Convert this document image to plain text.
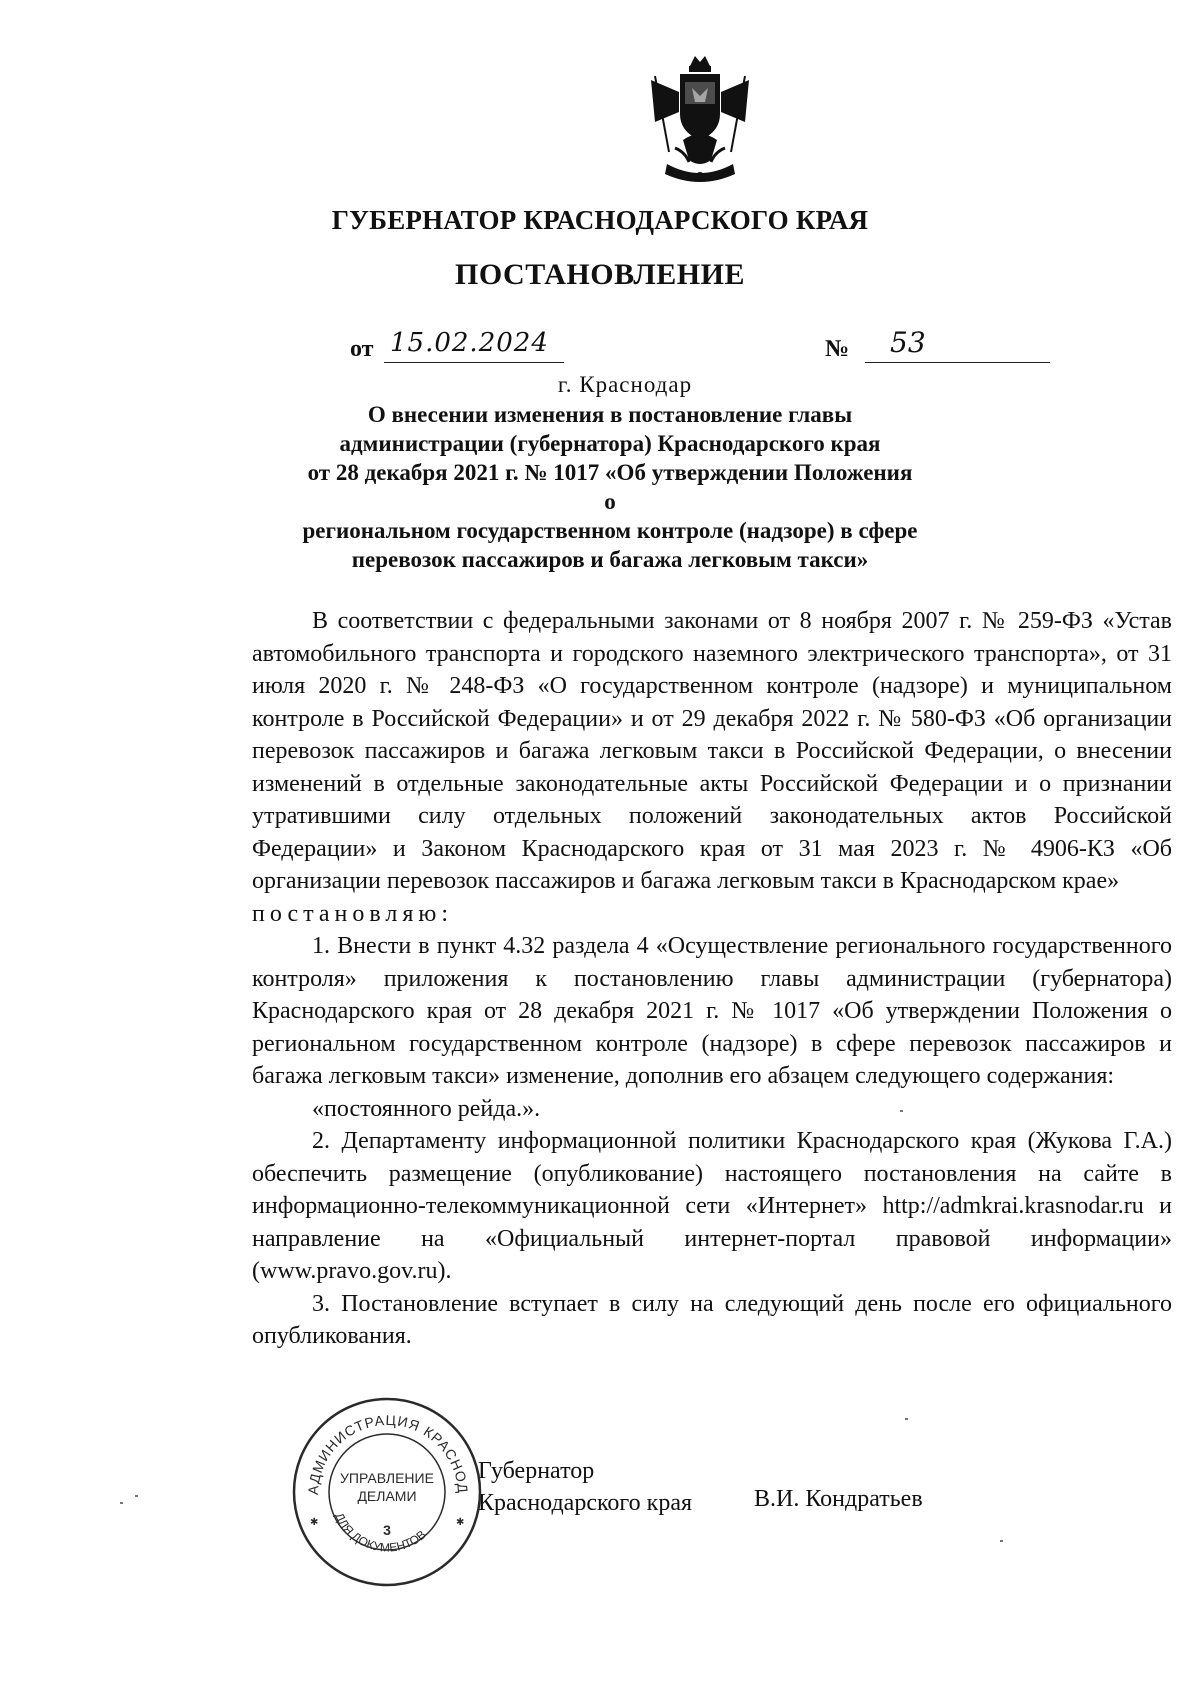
ГУБЕРНАТОР КРАСНОДАРСКОГО КРАЯ
ПОСТАНОВЛЕНИЕ
от 15.02.2024	№ 53
г. Краснодар
О внесении изменения в постановление главы
администрации (губернатора) Краснодарского края
от 28 декабря 2021 г. № 1017 «Об утверждении Положения о
региональном государственном контроле (надзоре) в сфере
перевозок пассажиров и багажа легковым такси»

В соответствии с федеральными законами от 8 ноября 2007 г. № 259-ФЗ «Устав автомобильного транспорта и городского наземного электрического транспорта», от 31 июля 2020 г. № 248-ФЗ «О государственном контроле (надзоре) и муниципальном контроле в Российской Федерации» и от 29 декабря 2022 г. № 580-ФЗ «Об организации перевозок пассажиров и багажа легковым такси в Российской Федерации, о внесении изменений в отдельные законодательные акты Российской Федерации и о признании утратившими силу отдельных положений законодательных актов Российской Федерации» и Законом Краснодарского края от 31 мая 2023 г. № 4906-КЗ «Об организации перевозок пассажиров и багажа легковым такси в Краснодарском крае»

постановляю:

1. Внести в пункт 4.32 раздела 4 «Осуществление регионального государственного контроля» приложения к постановлению главы администрации (губернатора) Краснодарского края от 28 декабря 2021 г. № 1017 «Об утверждении Положения о региональном государственном контроле (надзоре) в сфере перевозок пассажиров и багажа легковым такси» изменение, дополнив его абзацем следующего содержания:

«постоянного рейда.».

2. Департаменту информационной политики Краснодарского края (Жукова Г.А.) обеспечить размещение (опубликование) настоящего постановления на сайте в информационно-телекоммуникационной сети «Интернет» http://admkrai.krasnodar.ru и направление на «Официальный интернет-портал правовой информации» (www.pravo.gov.ru).

3. Постановление вступает в силу на следующий день после его официального опубликования.

Губернатор
Краснодарского края	В.И. Кондратьев
АДМИНИСТРАЦИЯ КРАСНОД
ДЛЯ ДОКУМЕНТОВ
УПРАВЛЕНИЕ
ДЕЛАМИ
3
✱	✱
